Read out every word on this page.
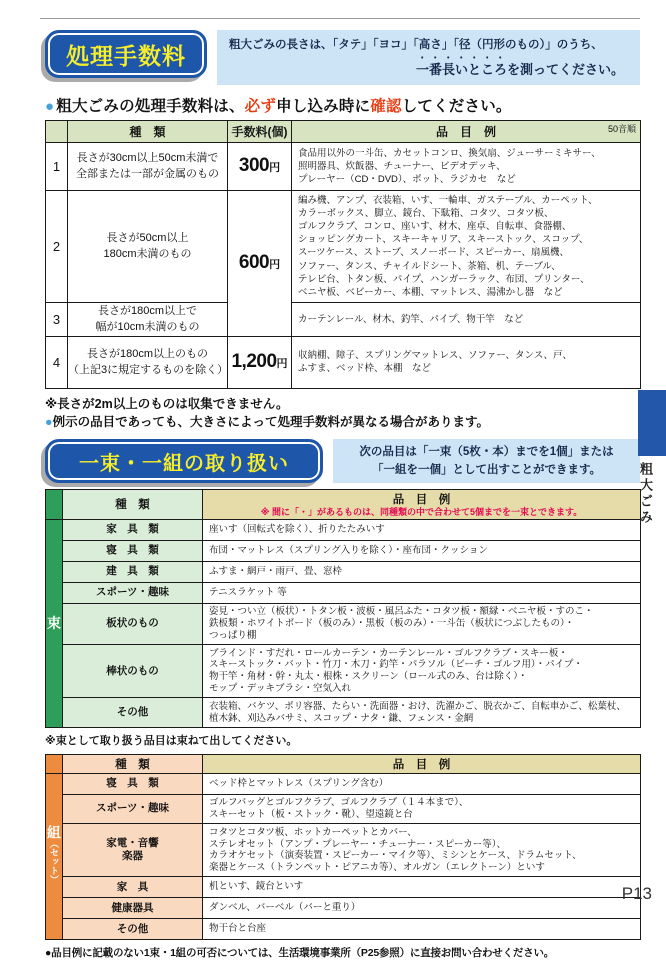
処理手数料	粗大ごみの長さは、「タテ」「ヨコ」「高さ」「径（円形のもの）」のうち、
一番長いところを測ってください。
● 粗大ごみの処理手数料は、必ず申し込み時に確認してください。
	種　類	手数料(個)	50音順
品　目　例
1	長さが30cm以上50cm未満で
全部または一部が金属のもの	300円	食品用以外の一斗缶、カセットコンロ、換気扇、ジューサーミキサー、
照明器具、炊飯器、チューナー、ビデオデッキ、
プレーヤー（CD・DVD）、ポット、ラジカセ　など
2	長さが50cm以上
180cm未満のもの	600円	編み機、アンプ、衣装箱、いす、一輪車、ガステーブル、カーペット、
カラーボックス、脚立、鏡台、下駄箱、コタツ、コタツ板、
ゴルフクラブ、コンロ、座いす、材木、座卓、自転車、食器棚、
ショッピングカート、スキーキャリア、スキーストック、スコップ、
スーツケース、ストーブ、スノーボード、スピーカー、扇風機、
ソファー、タンス、チャイルドシート、茶箱、机、テーブル、
テレビ台、トタン板、パイプ、ハンガーラック、布団、プリンター、
ベニヤ板、ベビーカー、本棚、マットレス、湯沸かし器　など
3	長さが180cm以上で
幅が10cm未満のもの		カーテンレール、材木、釣竿、パイプ、物干竿　など
4	長さが180cm以上のもの
（上記3に規定するものを除く）	1,200円	収納棚、障子、スプリングマットレス、ソファー、タンス、戸、
ふすま、ベッド枠、本棚　など
※長さが2m以上のものは収集できません。
●例示の品目であっても、大きさによって処理手数料が異なる場合があります。
一束・一組の取り扱い
次の品目は「一束（5枚・本）までを1個」または
「一組を一個」として出すことができます。
	種　類	品　目　例
※ 間に「・」があるものは、同種類の中で合わせて5個までを一束とできます。

束	家　具　類	座いす（回転式を除く）、折りたたみいす
	寝　具　類	布団・マットレス（スプリング入りを除く）・座布団・クッション
	建　具　類	ふすま・網戸・雨戸、畳、窓枠
	スポーツ・趣味	テニスラケット 等
	板状のもの	姿見・つい立（板状）・トタン板・波板・風呂ふた・コタツ板・額縁・ベニヤ板・すのこ・
鉄板類・ホワイトボード（板のみ）・黒板（板のみ）・一斗缶（板状につぶしたもの）・
つっぱり棚
	棒状のもの	ブラインド・すだれ・ロールカーテン・カーテンレール・ゴルフクラブ・スキー板・
スキーストック・バット・竹刀・木刀・釣竿・パラソル（ビーチ・ゴルフ用）・パイプ・
物干竿・角材・幹・丸太・根株・スクリーン（ロール式のみ、台は除く）・
モップ・デッキブラシ・空気入れ
	その他	衣装箱、バケツ、ポリ容器、たらい・洗面器・おけ、洗濯かご、脱衣かご、自転車かご、松葉杖、
植木鉢、刈込みバサミ、スコップ・ナタ・鎌、フェンス・金網
※束として取り扱う品目は束ねて出してください。
	種　類	品　目　例
組（セット）	寝　具　類	ベッド枠とマットレス（スプリング含む）
	スポーツ・趣味	ゴルフバッグとゴルフクラブ、ゴルフクラブ（１４本まで）、
スキーセット（板・ストック・靴）、望遠鏡と台
	家電・音響
楽器	コタツとコタツ板、ホットカーペットとカバー、
ステレオセット（アンプ・プレーヤー・チューナー・スピーカー等）、
カラオケセット（演奏装置・スピーカー・マイク等）、ミシンとケース、ドラムセット、
楽器とケース（トランペット・ピアニカ等）、オルガン（エレクトーン）といす
	家　具	机といす、鏡台といす
	健康器具	ダンベル、バーベル（バーと重り）
	その他	物干台と台座
●品目例に記載のない1束・1組の可否については、生活環境事業所（P25参照）に直接お問い合わせください。
粗大ごみ
P13
